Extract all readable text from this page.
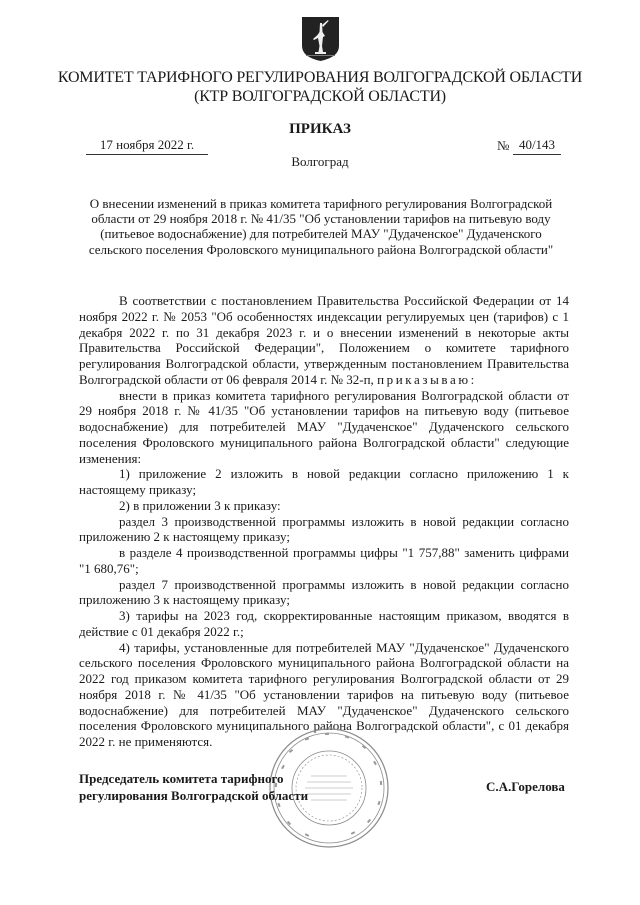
КОМИТЕТ ТАРИФНОГО РЕГУЛИРОВАНИЯ ВОЛГОГРАДСКОЙ ОБЛАСТИ
(КТР ВОЛГОГРАДСКОЙ ОБЛАСТИ)
ПРИКАЗ
17 ноября 2022 г.	№ 40/143
Волгоград
О внесении изменений в приказ комитета тарифного регулирования Волгоградской области от 29 ноября 2018 г. № 41/35 "Об установлении тарифов на питьевую воду (питьевое водоснабжение) для потребителей МАУ "Дудаченское" Дудаченского сельского поселения Фроловского муниципального района Волгоградской области"

В соответствии с постановлением Правительства Российской Федерации от 14 ноября 2022 г. № 2053 "Об особенностях индексации регулируемых цен (тарифов) с 1 декабря 2022 г. по 31 декабря 2023 г. и о внесении изменений в некоторые акты Правительства Российской Федерации", Положением о комитете тарифного регулирования Волгоградской области, утвержденным постановлением Правительства Волгоградской области от 06 февраля 2014 г. № 32-п, приказываю:

внести в приказ комитета тарифного регулирования Волгоградской области от 29 ноября 2018 г. № 41/35 "Об установлении тарифов на питьевую воду (питьевое водоснабжение) для потребителей МАУ "Дудаченское" Дудаченского сельского поселения Фроловского муниципального района Волгоградской области" следующие изменения:

1) приложение 2 изложить в новой редакции согласно приложению 1 к настоящему приказу;

2) в приложении 3 к приказу:

раздел 3 производственной программы изложить в новой редакции согласно приложению 2 к настоящему приказу;

в разделе 4 производственной программы цифры "1 757,88" заменить цифрами "1 680,76";

раздел 7 производственной программы изложить в новой редакции согласно приложению 3 к настоящему приказу;

3) тарифы на 2023 год, скорректированные настоящим приказом, вводятся в действие с 01 декабря 2022 г.;

4) тарифы, установленные для потребителей МАУ "Дудаченское" Дудаченского сельского поселения Фроловского муниципального района Волгоградской области на 2022 год приказом комитета тарифного регулирования Волгоградской области от 29 ноября 2018 г. № 41/35 "Об установлении тарифов на питьевую воду (питьевое водоснабжение) для потребителей МАУ "Дудаченское" Дудаченского сельского поселения Фроловского муниципального района Волгоградской области", с 01 декабря 2022 г. не применяются.

Председатель комитета тарифного
регулирования Волгоградской области
С.А.Горелова
